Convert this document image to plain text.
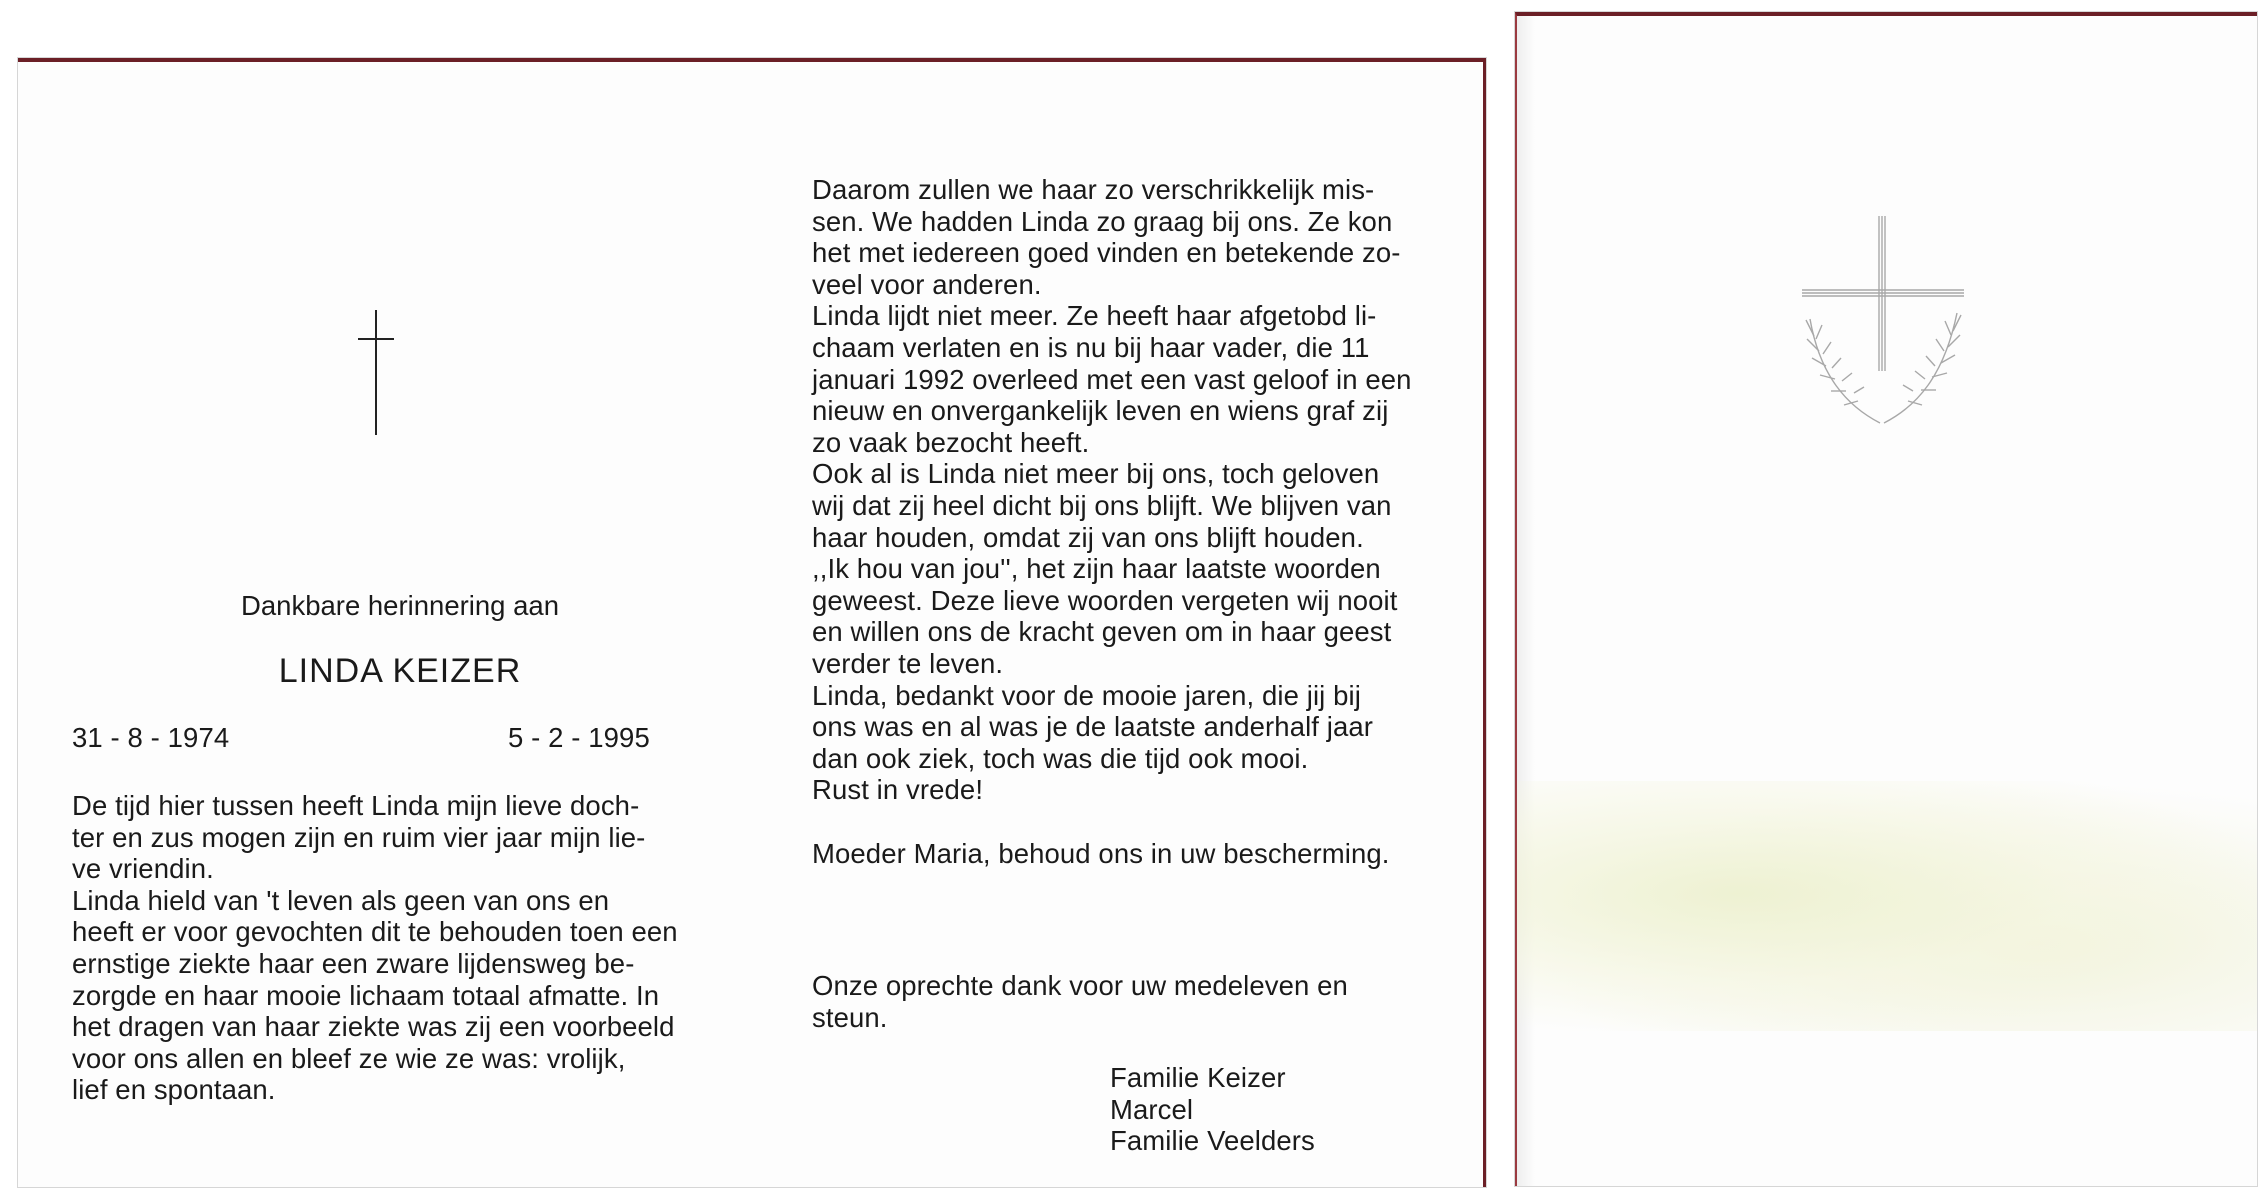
Dankbare herinnering aan
LINDA KEIZER
31 - 8 - 1974	5 - 2 - 1995
De tijd hier tussen heeft Linda mijn lieve doch-
ter en zus mogen zijn en ruim vier jaar mijn lie-
ve vriendin.
Linda hield van 't leven als geen van ons en
heeft er voor gevochten dit te behouden toen een
ernstige ziekte haar een zware lijdensweg be-
zorgde en haar mooie lichaam totaal afmatte. In
het dragen van haar ziekte was zij een voorbeeld
voor ons allen en bleef ze wie ze was: vrolijk,
lief en spontaan.
Daarom zullen we haar zo verschrikkelijk mis-
sen. We hadden Linda zo graag bij ons. Ze kon
het met iedereen goed vinden en betekende zo-
veel voor anderen.
Linda lijdt niet meer. Ze heeft haar afgetobd li-
chaam verlaten en is nu bij haar vader, die 11
januari 1992 overleed met een vast geloof in een
nieuw en onvergankelijk leven en wiens graf zij
zo vaak bezocht heeft.
Ook al is Linda niet meer bij ons, toch geloven
wij dat zij heel dicht bij ons blijft. We blijven van
haar houden, omdat zij van ons blijft houden.
,,Ik hou van jou'', het zijn haar laatste woorden
geweest. Deze lieve woorden vergeten wij nooit
en willen ons de kracht geven om in haar geest
verder te leven.
Linda, bedankt voor de mooie jaren, die jij bij
ons was en al was je de laatste anderhalf jaar
dan ook ziek, toch was die tijd ook mooi.
Rust in vrede!
Moeder Maria, behoud ons in uw bescherming.
Onze oprechte dank voor uw medeleven en
steun.
Familie Keizer
Marcel
Familie Veelders
